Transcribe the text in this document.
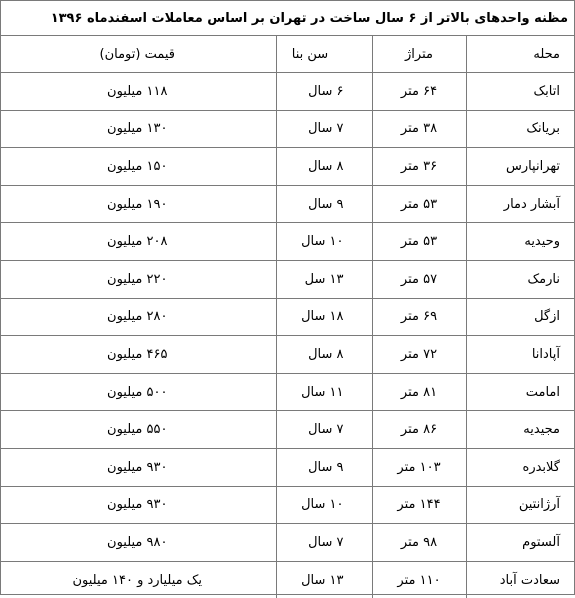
مظنه واحدهای بالاتر از ۶ سال ساخت در تهران بر اساس معاملات اسفندماه ۱۳۹۶			
محله	متراژ	سن بنا	قیمت (تومان)
اتابک	۶۴ متر	۶ سال	۱۱۸ میلیون
بریانک	۳۸ متر	۷ سال	۱۳۰ میلیون
تهرانپارس	۳۶ متر	۸ سال	۱۵۰ میلیون
آبشار دمار	۵۳ متر	۹ سال	۱۹۰ میلیون
وحیدیه	۵۳ متر	۱۰ سال	۲۰۸ میلیون
نارمک	۵۷ متر	۱۳ سل	۲۲۰ میلیون
ازگل	۶۹ متر	۱۸ سال	۲۸۰ میلیون
آپادانا	۷۲ متر	۸ سال	۴۶۵ میلیون
امامت	۸۱ متر	۱۱ سال	۵۰۰ میلیون
مجیدیه	۸۶ متر	۷ سال	۵۵۰ میلیون
گلابدره	۱۰۳ متر	۹ سال	۹۳۰ میلیون
آرژانتین	۱۴۴ متر	۱۰ سال	۹۳۰ میلیون
آلستوم	۹۸ متر	۷ سال	۹۸۰ میلیون
سعادت آباد	۱۱۰ متر	۱۳ سال	یک میلیارد و ۱۴۰ میلیون
